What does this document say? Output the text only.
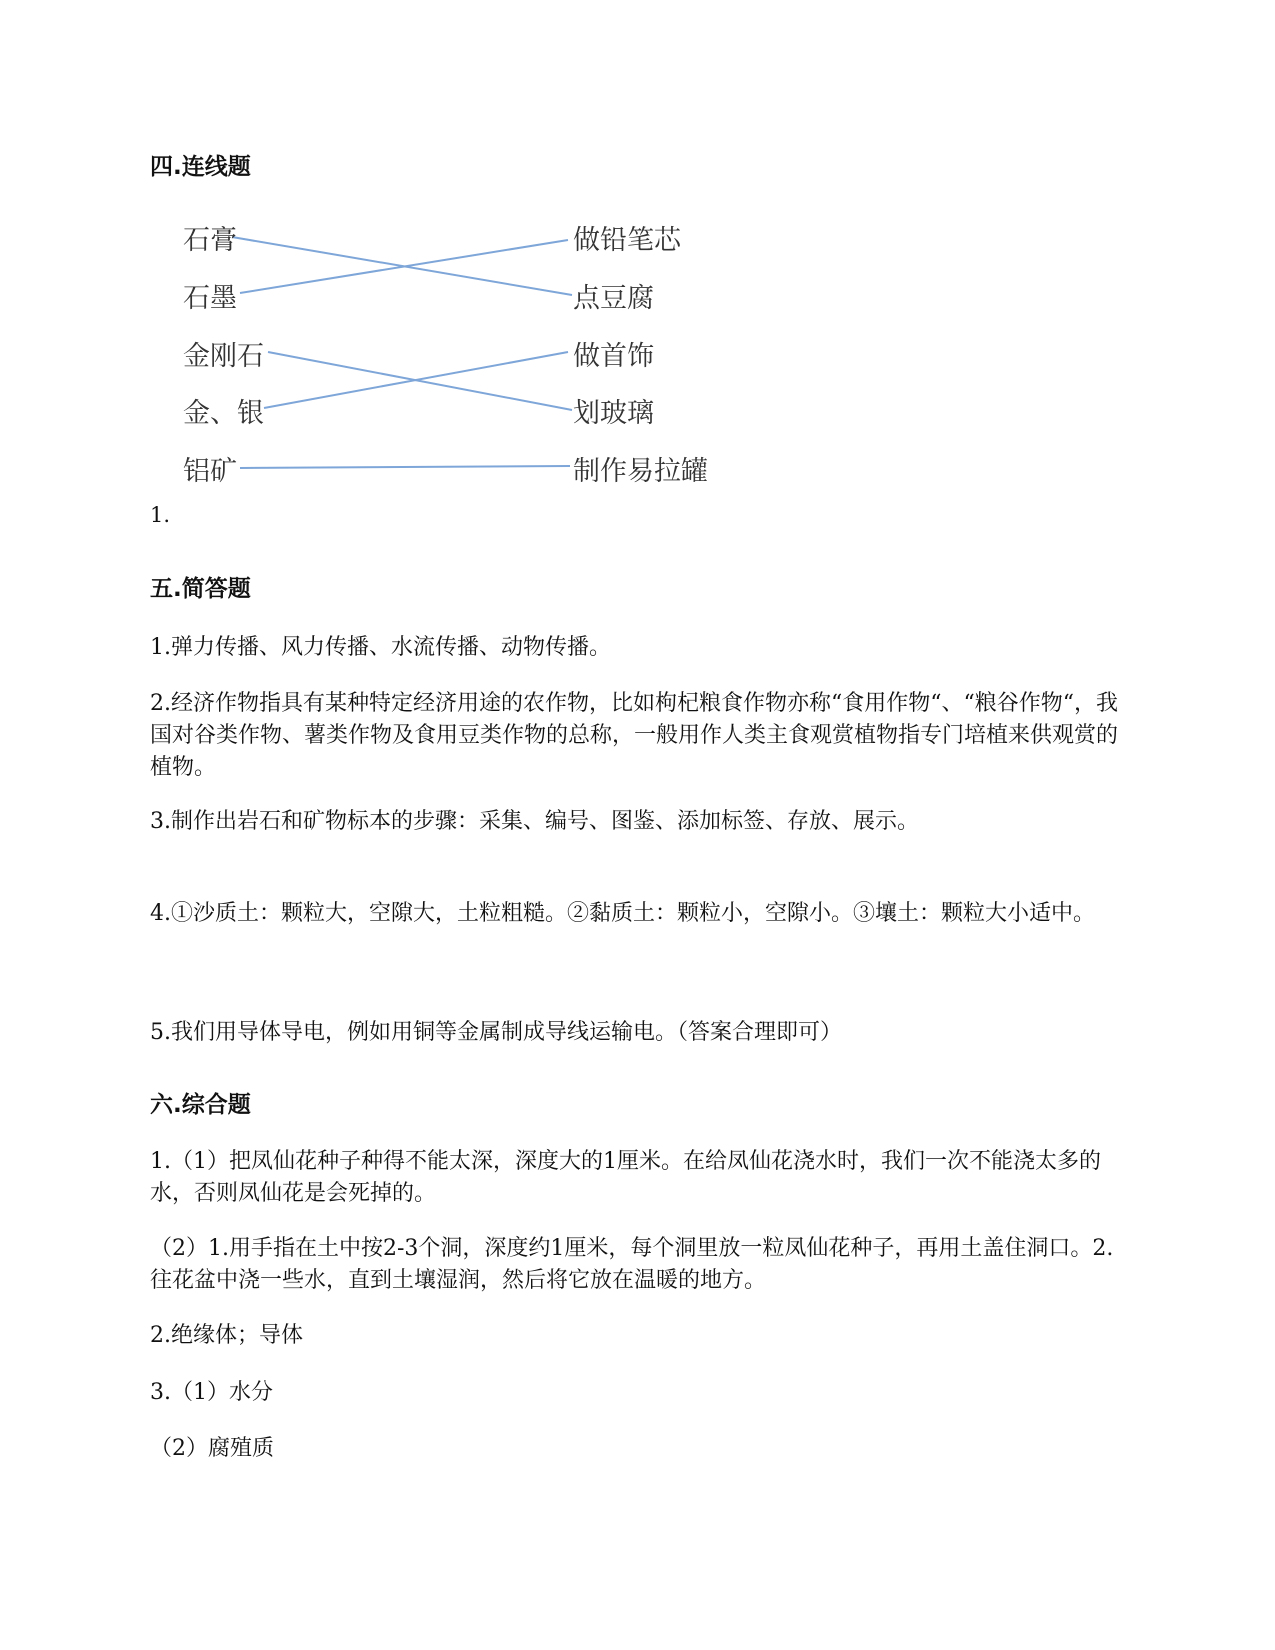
四.连线题
石膏
石墨
金刚石
金、银
铝矿
做铅笔芯
点豆腐
做首饰
划玻璃
制作易拉罐
1.
五.简答题
1.弹力传播、风力传播、水流传播、动物传播。
2.经济作物指具有某种特定经济用途的农作物，比如枸杞粮食作物亦称“食用作物“、“粮谷作物“，我国对谷类作物、薯类作物及食用豆类作物的总称，一般用作人类主食观赏植物指专门培植来供观赏的植物。
3.制作出岩石和矿物标本的步骤：采集、编号、图鉴、添加标签、存放、展示。
4.①沙质土：颗粒大，空隙大，土粒粗糙。②黏质土：颗粒小，空隙小。③壤土：颗粒大小适中。
5.我们用导体导电，例如用铜等金属制成导线运输电。（答案合理即可）
六.综合题
1.（1）把凤仙花种子种得不能太深，深度大的1厘米。在给凤仙花浇水时，我们一次不能浇太多的水，否则凤仙花是会死掉的。
（2）1.用手指在土中按2-3个洞，深度约1厘米，每个洞里放一粒凤仙花种子，再用土盖住洞口。2.往花盆中浇一些水，直到土壤湿润，然后将它放在温暖的地方。
2.绝缘体；导体
3.（1）水分
（2）腐殖质
